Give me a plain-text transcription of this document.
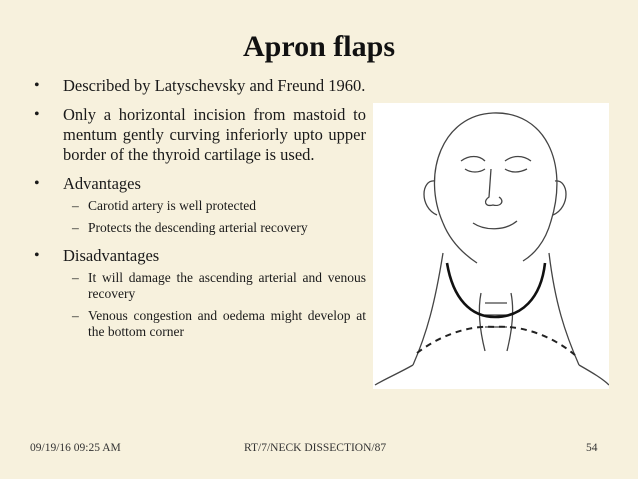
Apron flaps
• Described by Latyschevsky and Freund 1960.
• Only a horizontal incision from mastoid to mentum gently curving inferiorly upto upper border of the thyroid cartilage is used.
• Advantages
– Carotid artery is well protected
– Protects the descending arterial recovery
• Disadvantages
– It will damage the ascending arterial and venous recovery
– Venous congestion and oedema might develop at the bottom corner
09/19/16 09:25 AM	RT/7/NECK DISSECTION/87	54
